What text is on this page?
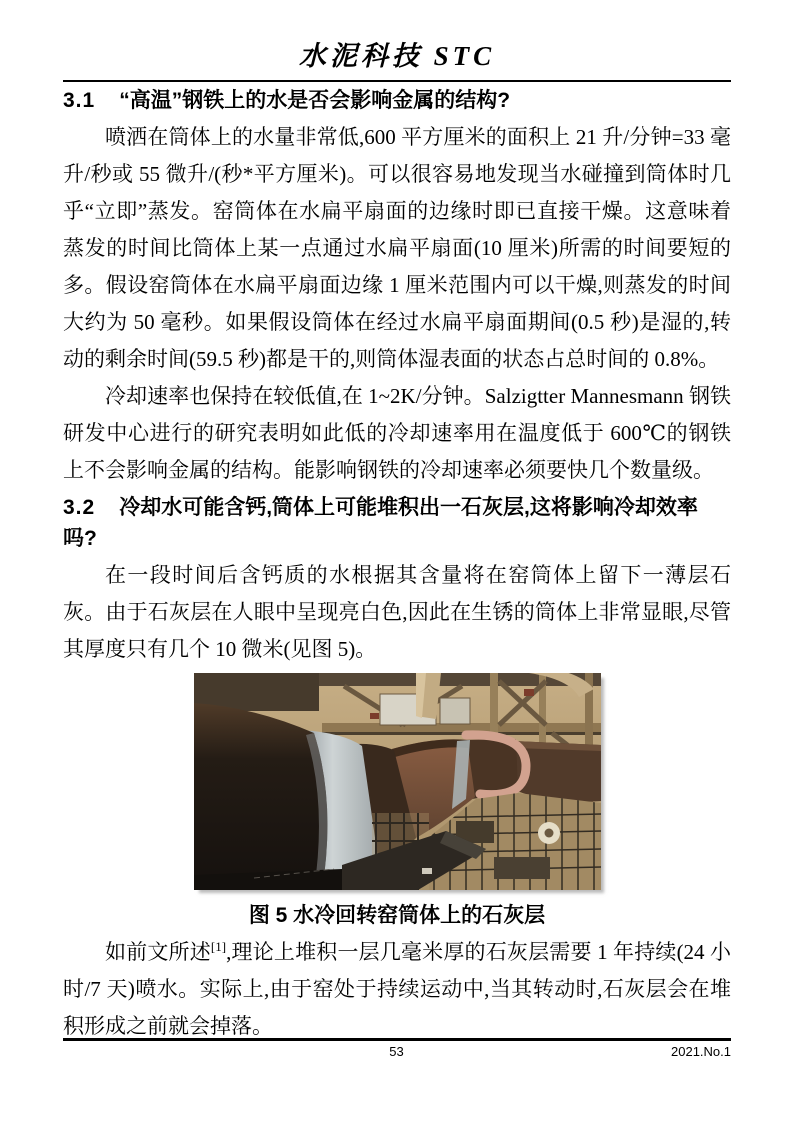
水泥科技 STC
3.1 “高温”钢铁上的水是否会影响金属的结构?

喷洒在筒体上的水量非常低,600 平方厘米的面积上 21 升/分钟=33 毫升/秒或 55 微升/(秒*平方厘米)。可以很容易地发现当水碰撞到筒体时几乎“立即”蒸发。窑筒体在水扁平扇面的边缘时即已直接干燥。这意味着蒸发的时间比筒体上某一点通过水扁平扇面(10 厘米)所需的时间要短的多。假设窑筒体在水扁平扇面边缘 1 厘米范围内可以干燥,则蒸发的时间大约为 50 毫秒。如果假设筒体在经过水扁平扇面期间(0.5 秒)是湿的,转动的剩余时间(59.5 秒)都是干的,则筒体湿表面的状态占总时间的 0.8%。

冷却速率也保持在较低值,在 1~2K/分钟。Salzigtter Mannesmann 钢铁研发中心进行的研究表明如此低的冷却速率用在温度低于 600℃的钢铁上不会影响金属的结构。能影响钢铁的冷却速率必须要快几个数量级。

3.2 冷却水可能含钙,筒体上可能堆积出一石灰层,这将影响冷却效率吗?

在一段时间后含钙质的水根据其含量将在窑筒体上留下一薄层石灰。由于石灰层在人眼中呈现亮白色,因此在生锈的筒体上非常显眼,尽管其厚度只有几个 10 微米(见图 5)。

图 5 水冷回转窑筒体上的石灰层

如前文所述[1],理论上堆积一层几毫米厚的石灰层需要 1 年持续(24 小时/7 天)喷水。实际上,由于窑处于持续运动中,当其转动时,石灰层会在堆积形成之前就会掉落。

53	2021.No.1
